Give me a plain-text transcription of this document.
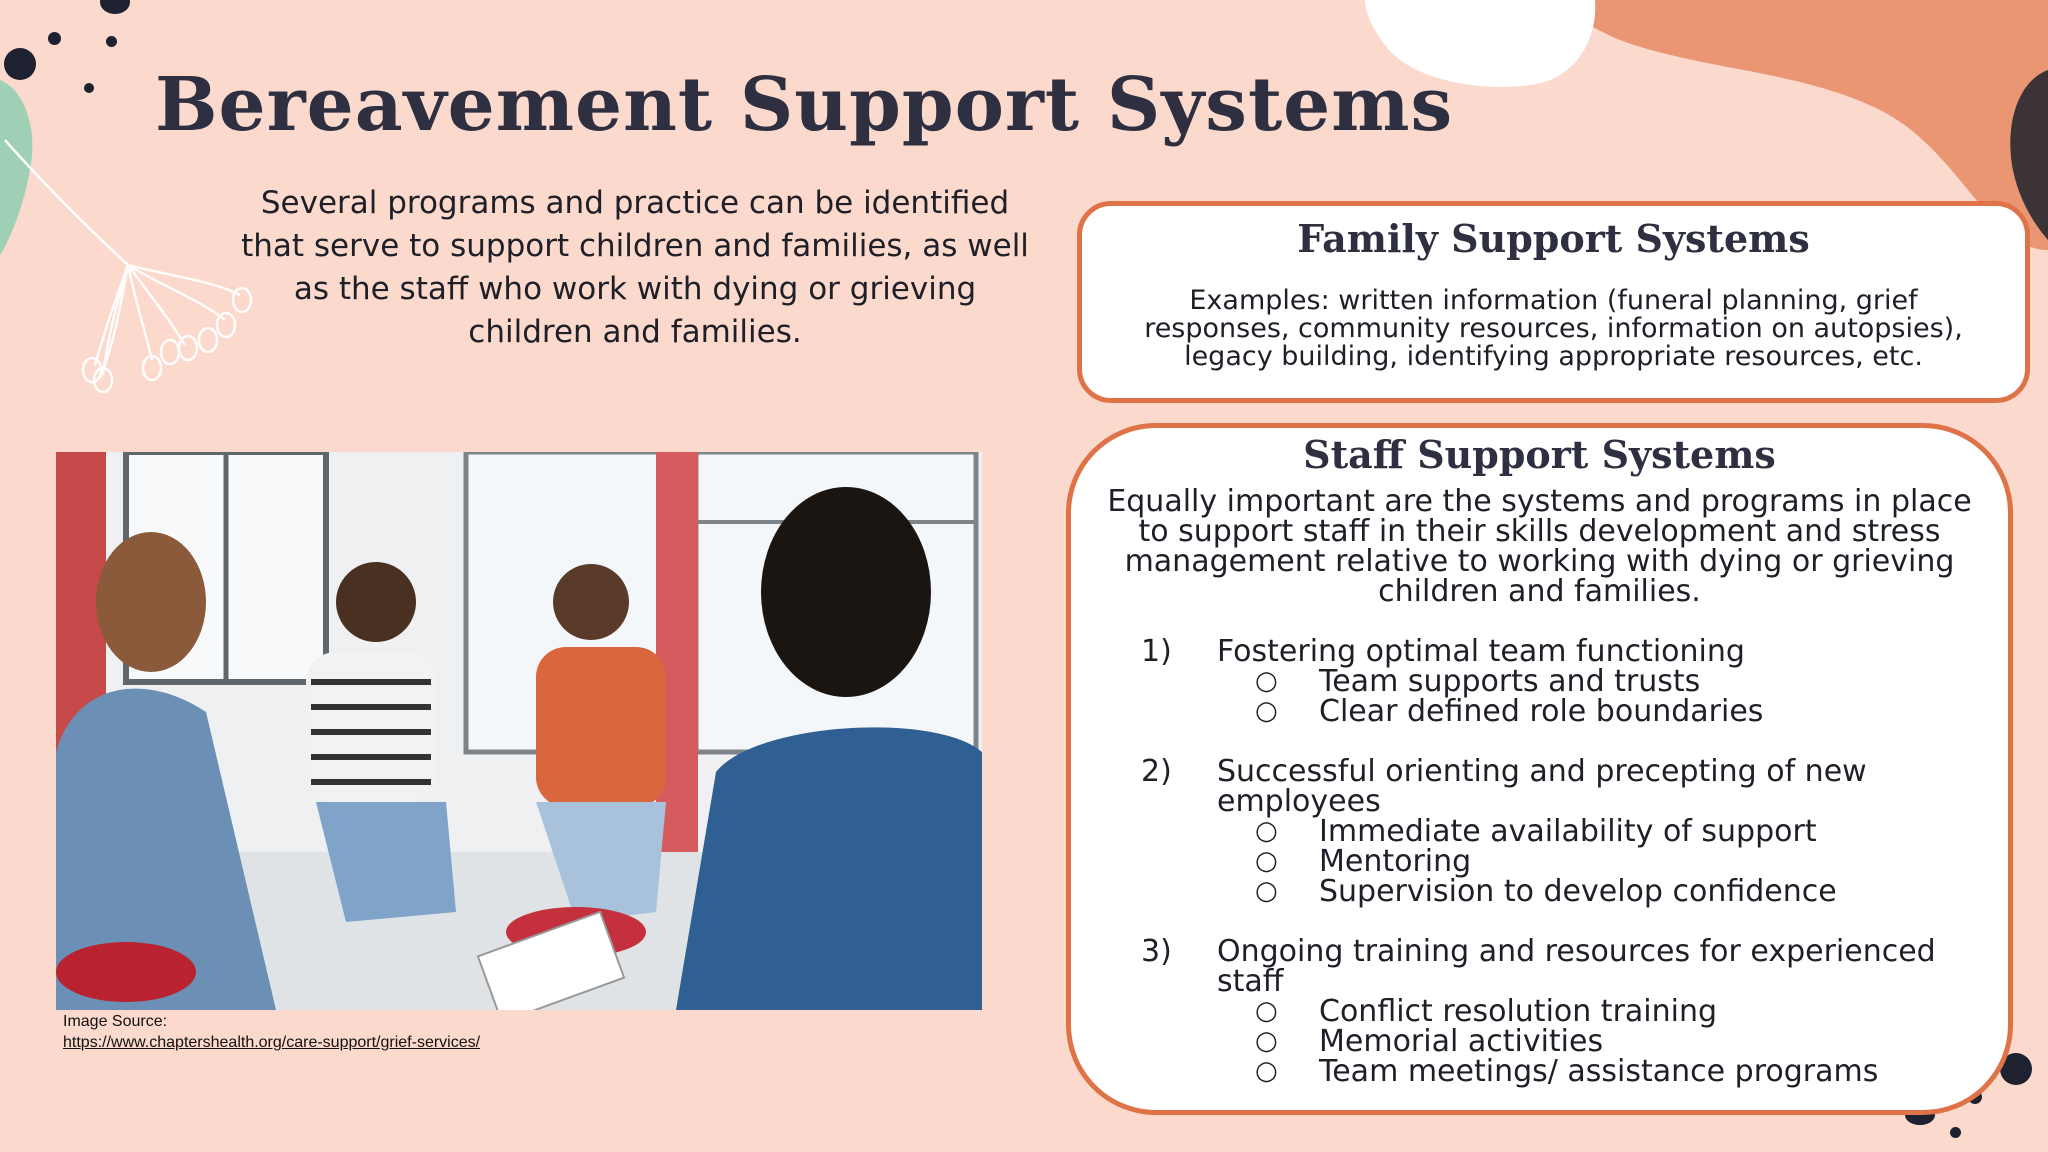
Bereavement Support Systems
Several programs and practice can be identified that serve to support children and families, as well as the staff who work with dying or grieving children and families.
Image Source:
https://www.chaptershealth.org/care-support/grief-services/
Family Support Systems
Examples: written information (funeral planning, grief responses, community resources, information on autopsies), legacy building, identifying appropriate resources, etc.
Staff Support Systems
Equally important are the systems and programs in place to support staff in their skills development and stress management relative to working with dying or grieving children and families.
1) Fostering optimal team functioning
○ Team supports and trusts
○ Clear defined role boundaries
2) Successful orienting and precepting of new employees
○ Immediate availability of support
○ Mentoring
○ Supervision to develop confidence
3) Ongoing training and resources for experienced staff
○ Conflict resolution training
○ Memorial activities
○ Team meetings/ assistance programs
